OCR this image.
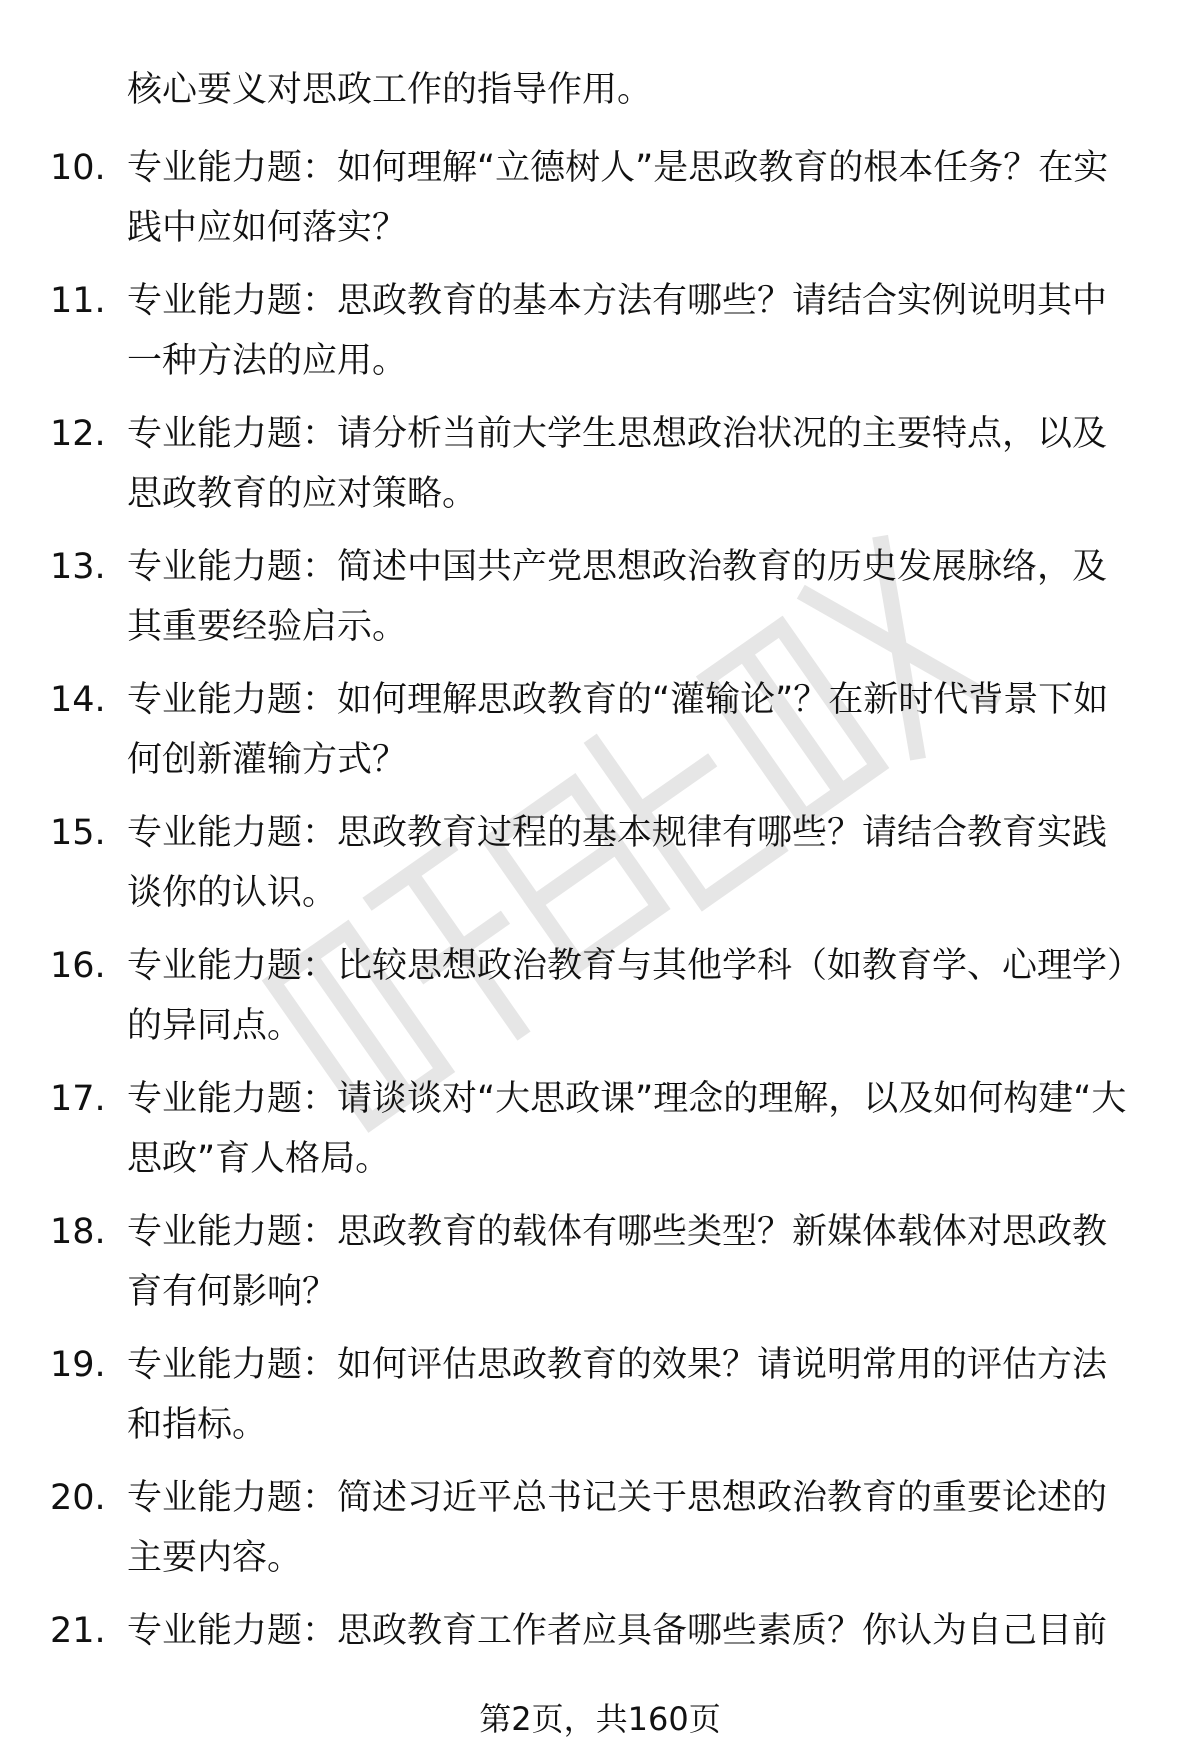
核心要义对思政工作的指导作用。
10. 专业能力题：如何理解“立德树人”是思政教育的根本任务？在实践中应如何落实？
11. 专业能力题：思政教育的基本方法有哪些？请结合实例说明其中一种方法的应用。
12. 专业能力题：请分析当前大学生思想政治状况的主要特点，以及思政教育的应对策略。
13. 专业能力题：简述中国共产党思想政治教育的历史发展脉络，及其重要经验启示。
14. 专业能力题：如何理解思政教育的“灌输论”？在新时代背景下如何创新灌输方式？
15. 专业能力题：思政教育过程的基本规律有哪些？请结合教育实践谈你的认识。
16. 专业能力题：比较思想政治教育与其他学科（如教育学、心理学）的异同点。
17. 专业能力题：请谈谈对“大思政课”理念的理解，以及如何构建“大思政”育人格局。
18. 专业能力题：思政教育的载体有哪些类型？新媒体载体对思政教育有何影响？
19. 专业能力题：如何评估思政教育的效果？请说明常用的评估方法和指标。
20. 专业能力题：简述习近平总书记关于思想政治教育的重要论述的主要内容。
21. 专业能力题：思政教育工作者应具备哪些素质？你认为自己目前
第2页，共160页
